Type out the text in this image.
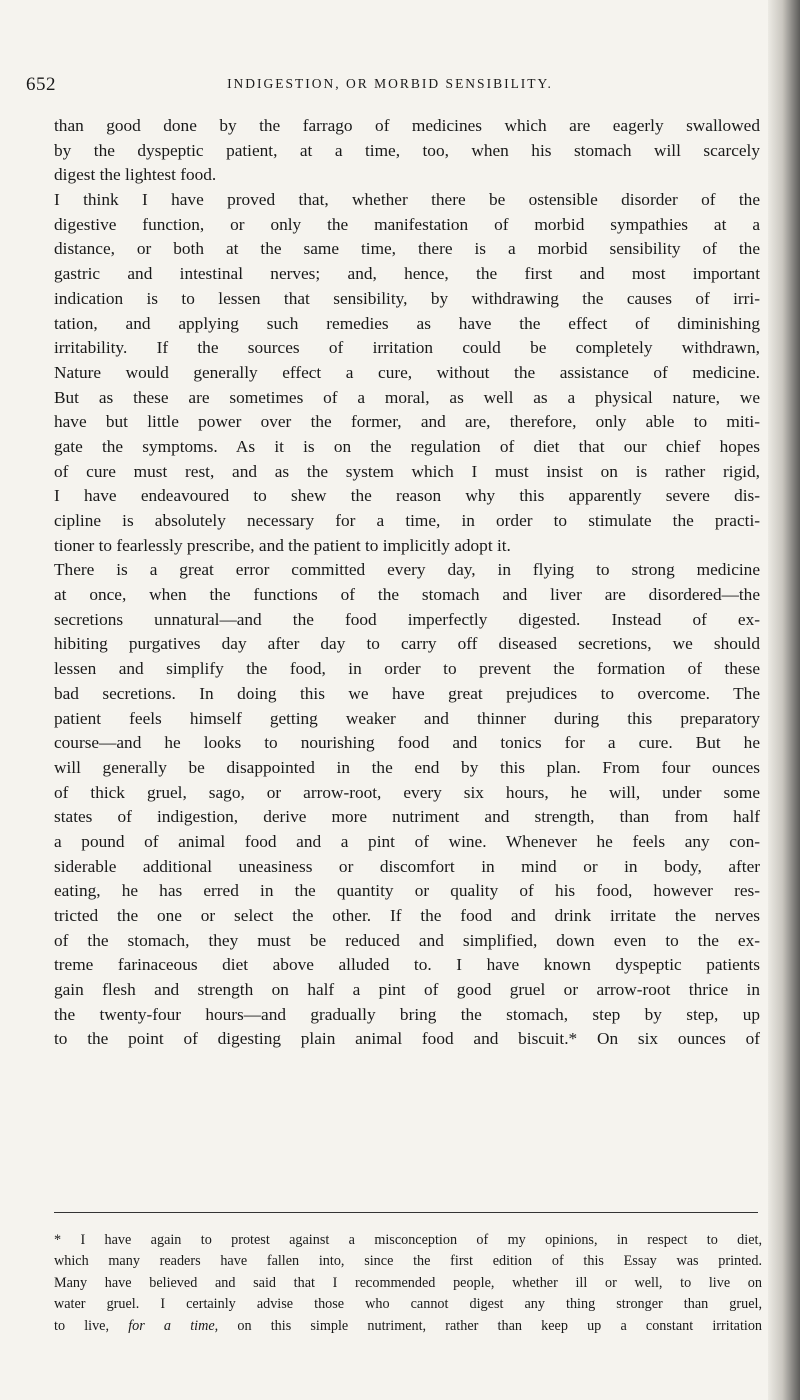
652	INDIGESTION, OR MORBID SENSIBILITY.
than good done by the farrago of medicines which are eagerly swallowed
by the dyspeptic patient, at a time, too, when his stomach will scarcely
digest the lightest food.
I think I have proved that, whether there be ostensible disorder of the
digestive function, or only the manifestation of morbid sympathies at a
distance, or both at the same time, there is a morbid sensibility of the
gastric and intestinal nerves; and, hence, the first and most important
indication is to lessen that sensibility, by withdrawing the causes of irri-
tation, and applying such remedies as have the effect of diminishing
irritability. If the sources of irritation could be completely withdrawn,
Nature would generally effect a cure, without the assistance of medicine.
But as these are sometimes of a moral, as well as a physical nature, we
have but little power over the former, and are, therefore, only able to miti-
gate the symptoms. As it is on the regulation of diet that our chief hopes
of cure must rest, and as the system which I must insist on is rather rigid,
I have endeavoured to shew the reason why this apparently severe dis-
cipline is absolutely necessary for a time, in order to stimulate the practi-
tioner to fearlessly prescribe, and the patient to implicitly adopt it.
There is a great error committed every day, in flying to strong medicine
at once, when the functions of the stomach and liver are disordered—the
secretions unnatural—and the food imperfectly digested. Instead of ex-
hibiting purgatives day after day to carry off diseased secretions, we should
lessen and simplify the food, in order to prevent the formation of these
bad secretions. In doing this we have great prejudices to overcome. The
patient feels himself getting weaker and thinner during this preparatory
course—and he looks to nourishing food and tonics for a cure. But he
will generally be disappointed in the end by this plan. From four ounces
of thick gruel, sago, or arrow-root, every six hours, he will, under some
states of indigestion, derive more nutriment and strength, than from half
a pound of animal food and a pint of wine. Whenever he feels any con-
siderable additional uneasiness or discomfort in mind or in body, after
eating, he has erred in the quantity or quality of his food, however res-
tricted the one or select the other. If the food and drink irritate the nerves
of the stomach, they must be reduced and simplified, down even to the ex-
treme farinaceous diet above alluded to. I have known dyspeptic patients
gain flesh and strength on half a pint of good gruel or arrow-root thrice in
the twenty-four hours—and gradually bring the stomach, step by step, up
to the point of digesting plain animal food and biscuit.* On six ounces of
* I have again to protest against a misconception of my opinions, in respect to diet,
which many readers have fallen into, since the first edition of this Essay was printed.
Many have believed and said that I recommended people, whether ill or well, to live on
water gruel. I certainly advise those who cannot digest any thing stronger than gruel,
to live, for a time, on this simple nutriment, rather than keep up a constant irritation
